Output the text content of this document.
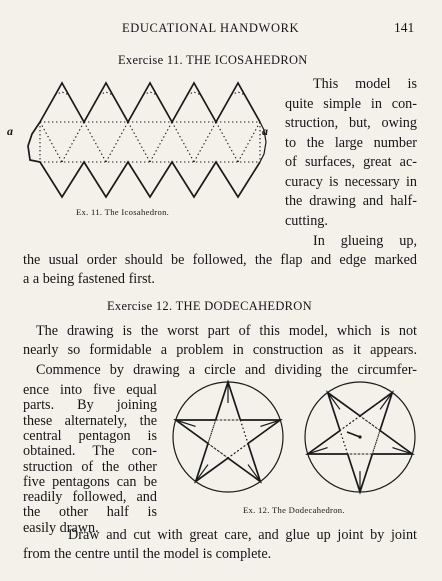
EDUCATIONAL HANDWORK	141
Exercise 11. THE ICOSAHEDRON
a	a
Ex. 11. The Icosahedron.
This model is
quite simple in con-
struction, but, owing
to the large number
of surfaces, great ac-
curacy is necessary in
the drawing and half-
cutting.
In glueing up,
the usual order should be followed, the flap and edge marked
a a being fastened first.
Exercise 12. THE DODECAHEDRON
The drawing is the worst part of this model, which is not
nearly so formidable a problem in construction as it appears.
Commence by drawing a circle and dividing the circumfer-
ence into five equal
parts. By joining
these alternately, the
central pentagon is
obtained. The con-
struction of the other
five pentagons can be
readily followed, and
the other half is
easily drawn.
Ex. 12. The Dodecahedron.
Draw and cut with great care, and glue up joint by joint
from the centre until the model is complete.
